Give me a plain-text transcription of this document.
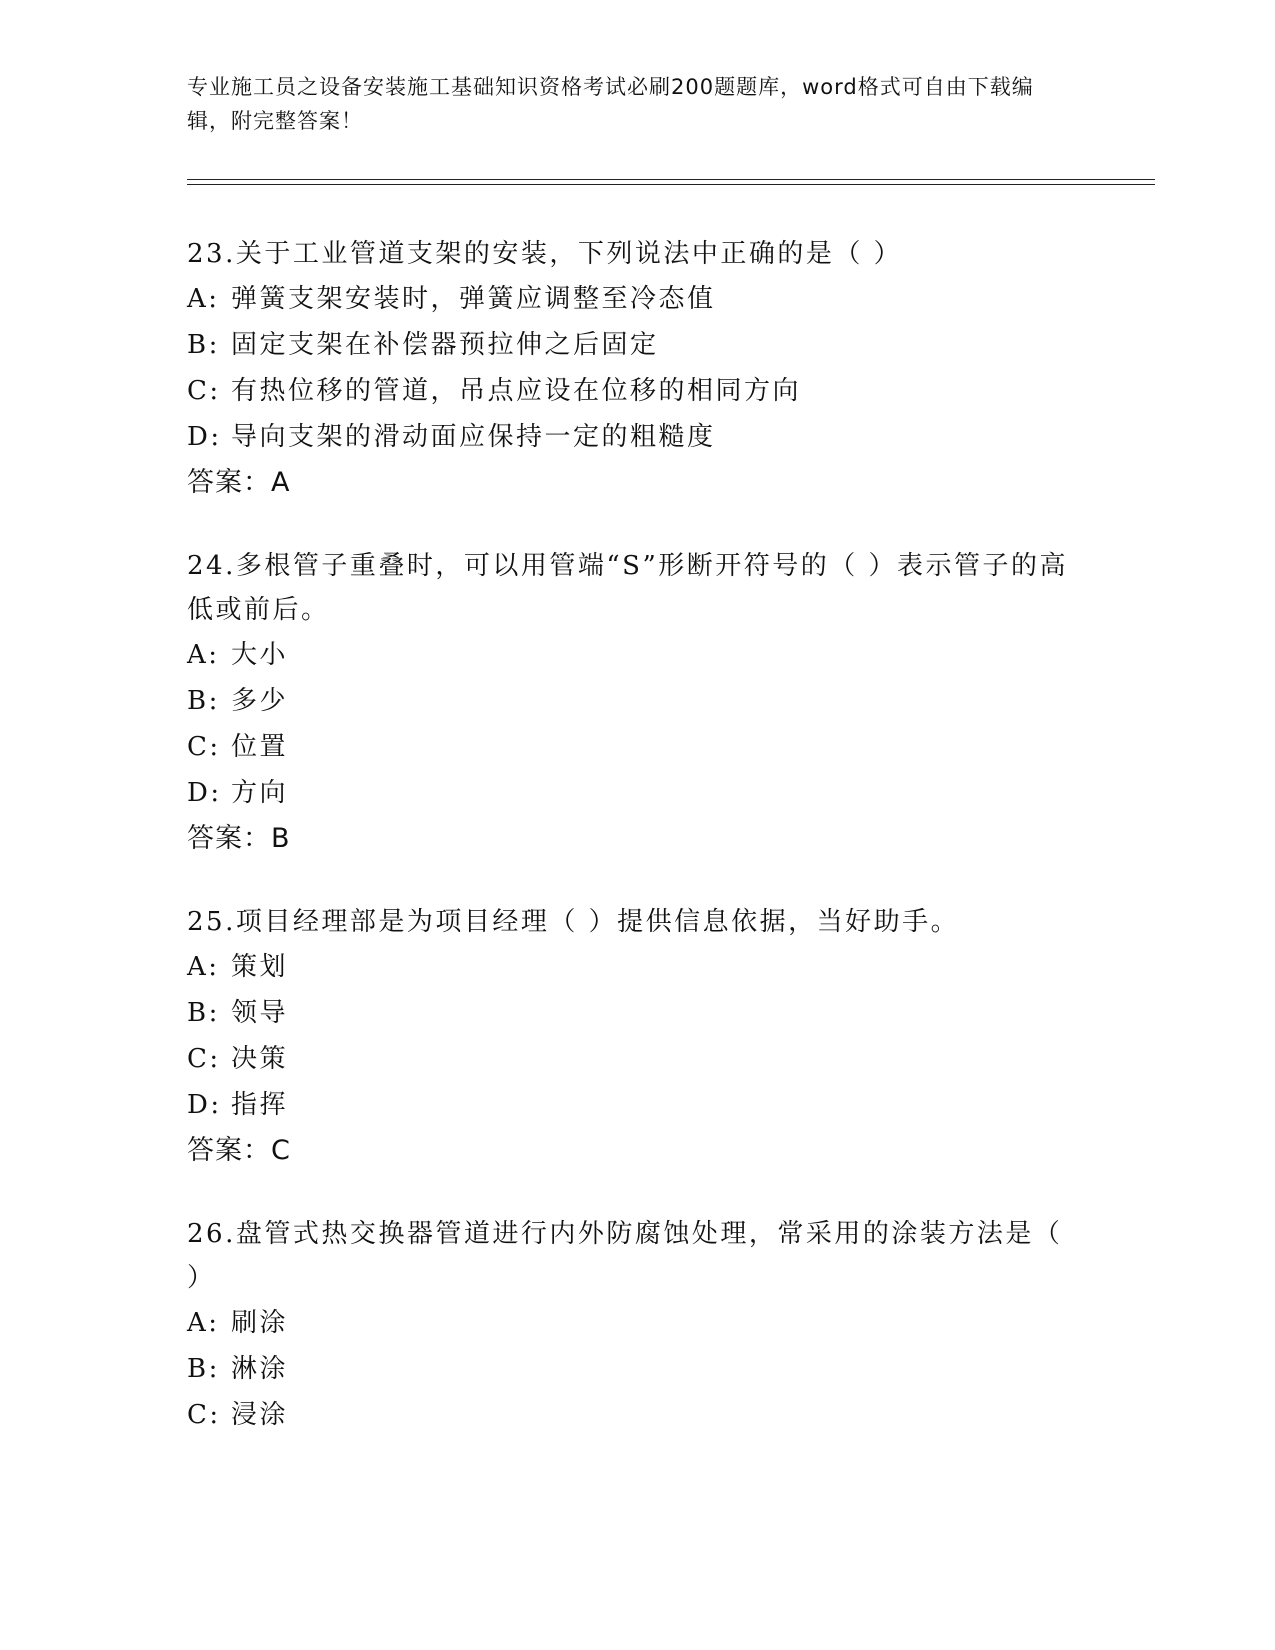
专业施工员之设备安装施工基础知识资格考试必刷200题题库，word格式可自由下载编辑，附完整答案！

23.关于工业管道支架的安装，下列说法中正确的是（ ）

A: 弹簧支架安装时，弹簧应调整至冷态值

B: 固定支架在补偿器预拉伸之后固定

C: 有热位移的管道，吊点应设在位移的相同方向

D: 导向支架的滑动面应保持一定的粗糙度

答案：A

24.多根管子重叠时，可以用管端“S”形断开符号的（ ）表示管子的高低或前后。

A: 大小

B: 多少

C: 位置

D: 方向

答案：B

25.项目经理部是为项目经理（ ）提供信息依据，当好助手。

A: 策划

B: 领导

C: 决策

D: 指挥

答案：C

26.盘管式热交换器管道进行内外防腐蚀处理，常采用的涂装方法是（ ）

A: 刷涂

B: 淋涂

C: 浸涂
